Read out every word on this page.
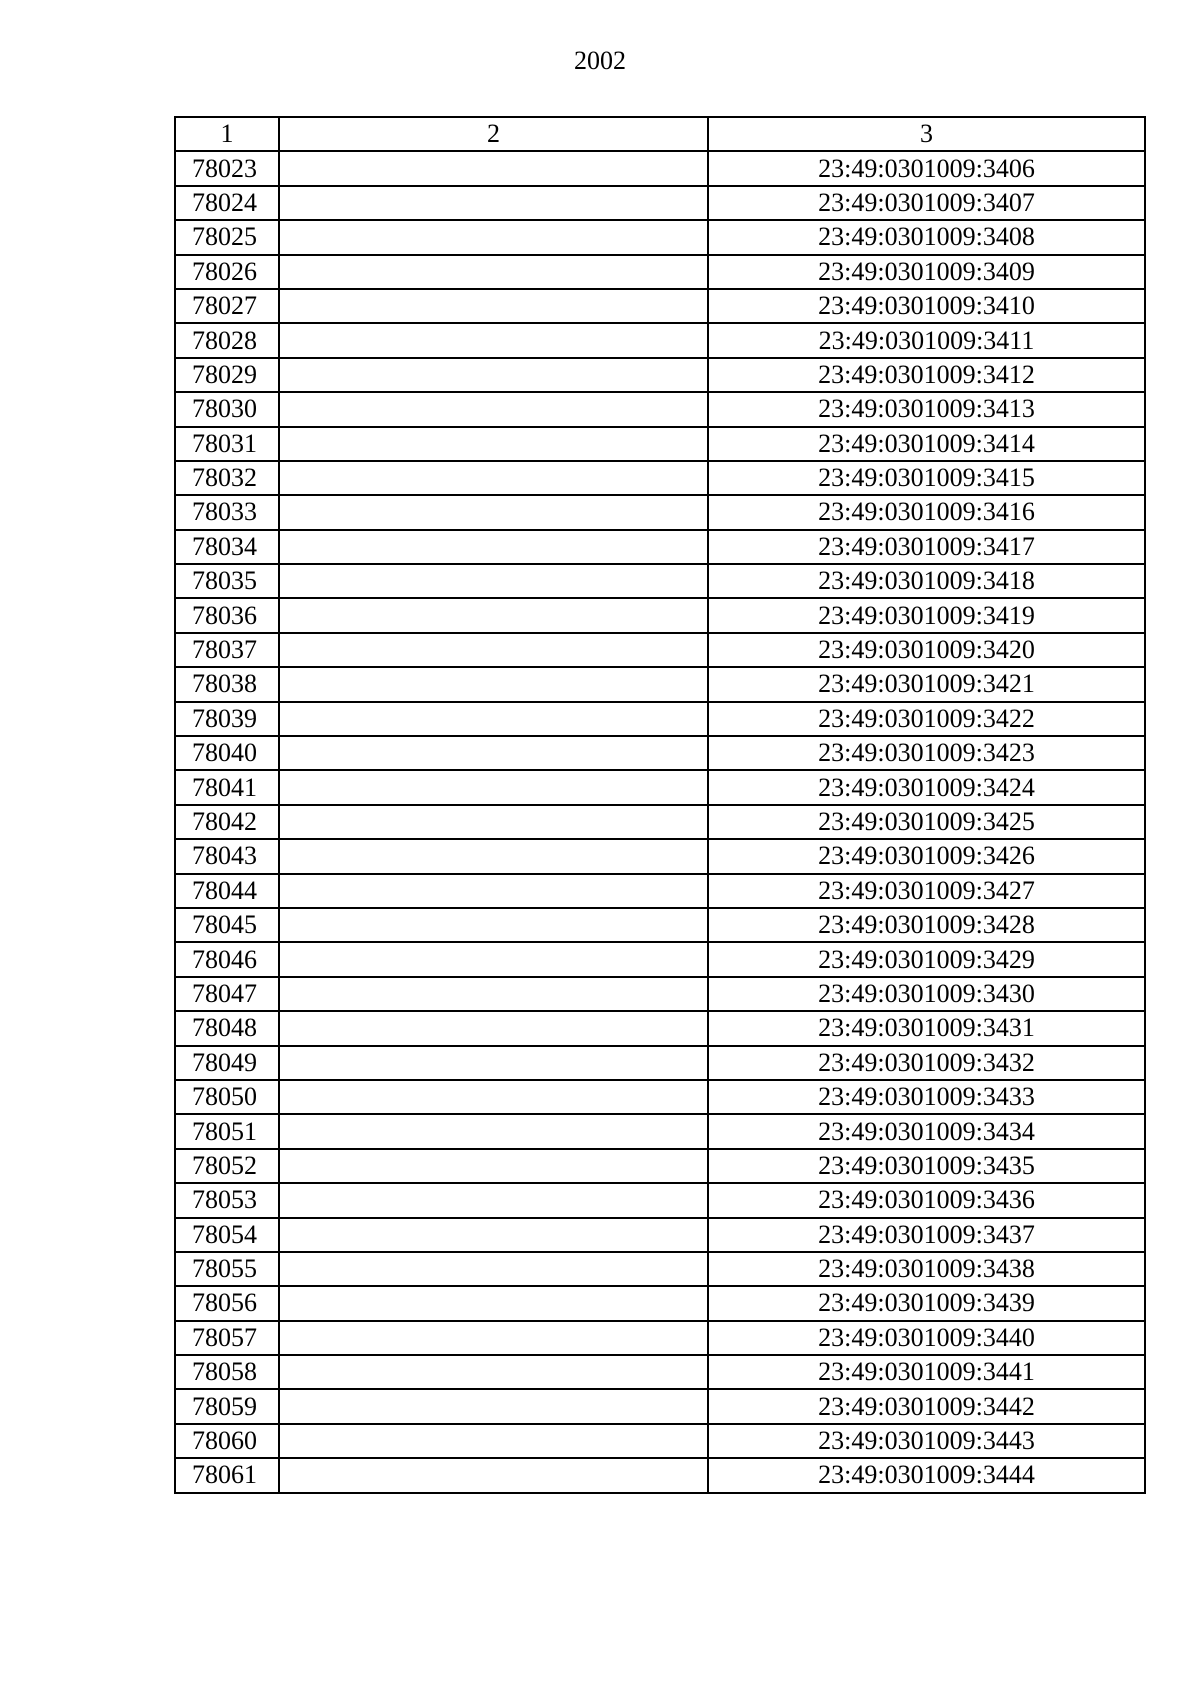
2002
1	2	3
78023		23:49:0301009:3406
78024		23:49:0301009:3407
78025		23:49:0301009:3408
78026		23:49:0301009:3409
78027		23:49:0301009:3410
78028		23:49:0301009:3411
78029		23:49:0301009:3412
78030		23:49:0301009:3413
78031		23:49:0301009:3414
78032		23:49:0301009:3415
78033		23:49:0301009:3416
78034		23:49:0301009:3417
78035		23:49:0301009:3418
78036		23:49:0301009:3419
78037		23:49:0301009:3420
78038		23:49:0301009:3421
78039		23:49:0301009:3422
78040		23:49:0301009:3423
78041		23:49:0301009:3424
78042		23:49:0301009:3425
78043		23:49:0301009:3426
78044		23:49:0301009:3427
78045		23:49:0301009:3428
78046		23:49:0301009:3429
78047		23:49:0301009:3430
78048		23:49:0301009:3431
78049		23:49:0301009:3432
78050		23:49:0301009:3433
78051		23:49:0301009:3434
78052		23:49:0301009:3435
78053		23:49:0301009:3436
78054		23:49:0301009:3437
78055		23:49:0301009:3438
78056		23:49:0301009:3439
78057		23:49:0301009:3440
78058		23:49:0301009:3441
78059		23:49:0301009:3442
78060		23:49:0301009:3443
78061		23:49:0301009:3444
